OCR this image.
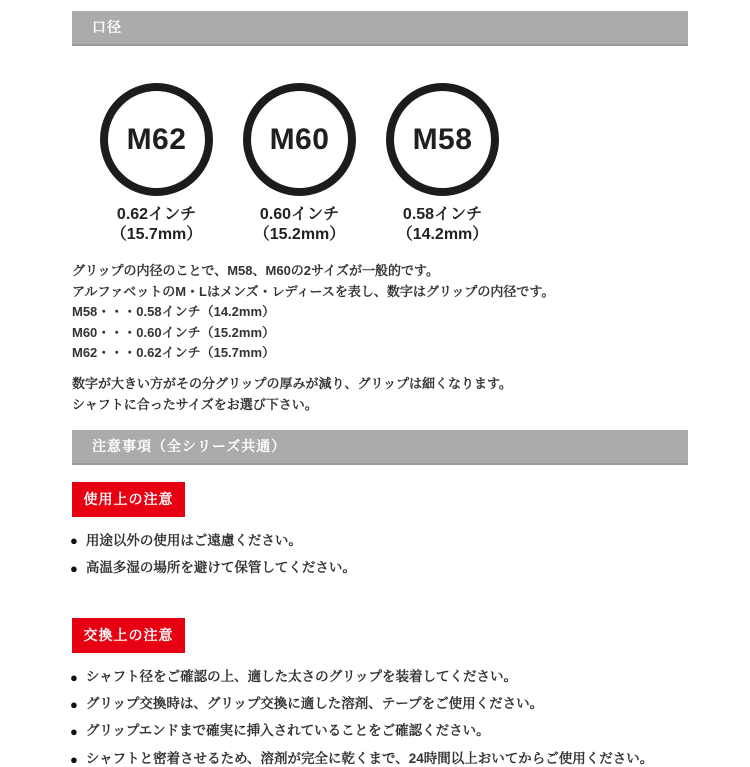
口径
M62
0.62インチ
（15.7mm）
M60
0.60インチ
（15.2mm）
M58
0.58インチ
（14.2mm）

グリップの内径のことで、M58、M60の2サイズが一般的です。

アルファベットのM・Lはメンズ・レディースを表し、数字はグリップの内径です。

M58・・・0.58インチ（14.2mm）

M60・・・0.60インチ（15.2mm）

M62・・・0.62インチ（15.7mm）

数字が大きい方がその分グリップの厚みが減り、グリップは細くなります。

シャフトに合ったサイズをお選び下さい。

注意事項（全シリーズ共通）
使用上の注意
● 用途以外の使用はご遠慮ください。
● 高温多湿の場所を避けて保管してください。
交換上の注意
● シャフト径をご確認の上、適した太さのグリップを装着してください。
● グリップ交換時は、グリップ交換に適した溶剤、テープをご使用ください。
● グリップエンドまで確実に挿入されていることをご確認ください。
● シャフトと密着させるため、溶剤が完全に乾くまで、24時間以上おいてからご使用ください。
